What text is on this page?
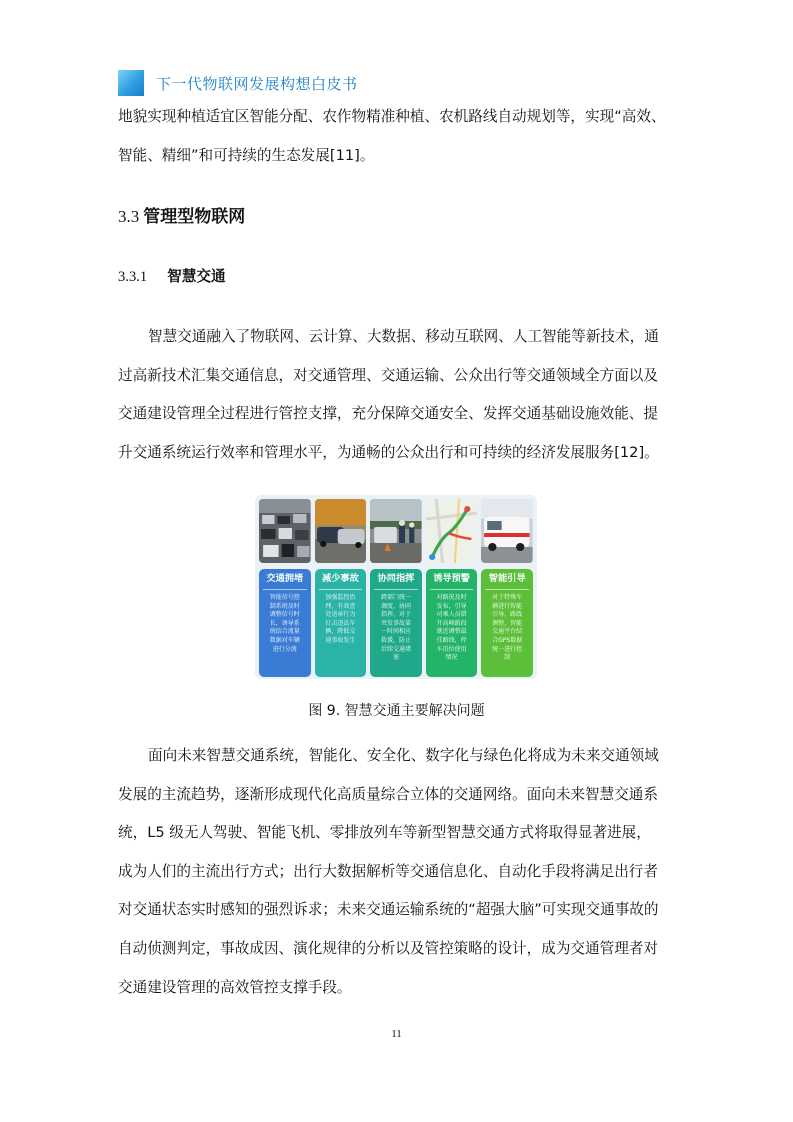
下一代物联网发展构想白皮书

地貌实现种植适宜区智能分配、农作物精准种植、农机路线自动规划等，实现“高效、
智能、精细”和可持续的生态发展[11]。

3.3 管理型物联网
3.3.1 智慧交通

智慧交通融入了物联网、云计算、大数据、移动互联网、人工智能等新技术，通
过高新技术汇集交通信息，对交通管理、交通运输、公众出行等交通领域全方面以及
交通建设管理全过程进行管控支撑，充分保障交通安全、发挥交通基础设施效能、提
升交通系统运行效率和管理水平，为通畅的公众出行和可持续的经济发展服务[12]。

交通拥堵
智能信号控
制系统及时
调整信号时
长，诱导系
统结合流量
数据对车辆
进行分流
减少事故
加强监控治
理，有效查
处违章行为
打击违法车
辆，降低交
通事故发生
协同指挥
跨部门统一
调度，协同
指挥，对于
突发事故第
一时间相应
救援，防止
后续交通堵
塞
诱导预警
对路况及时
发布，引导
司乘人员错
开高峰路段
就近调整最
佳路线，停
车泊位使用
情况
智能引导
对于特殊车
辆进行智能
引导，路线
调整，智能
交通平台结
合GPS数据
统一进行控
制

图 9. 智慧交通主要解决问题

面向未来智慧交通系统，智能化、安全化、数字化与绿色化将成为未来交通领域
发展的主流趋势，逐渐形成现代化高质量综合立体的交通网络。面向未来智慧交通系
统，L5 级无人驾驶、智能飞机、零排放列车等新型智慧交通方式将取得显著进展，
成为人们的主流出行方式；出行大数据解析等交通信息化、自动化手段将满足出行者
对交通状态实时感知的强烈诉求；未来交通运输系统的“超强大脑”可实现交通事故的
自动侦测判定，事故成因、演化规律的分析以及管控策略的设计，成为交通管理者对
交通建设管理的高效管控支撑手段。

11
